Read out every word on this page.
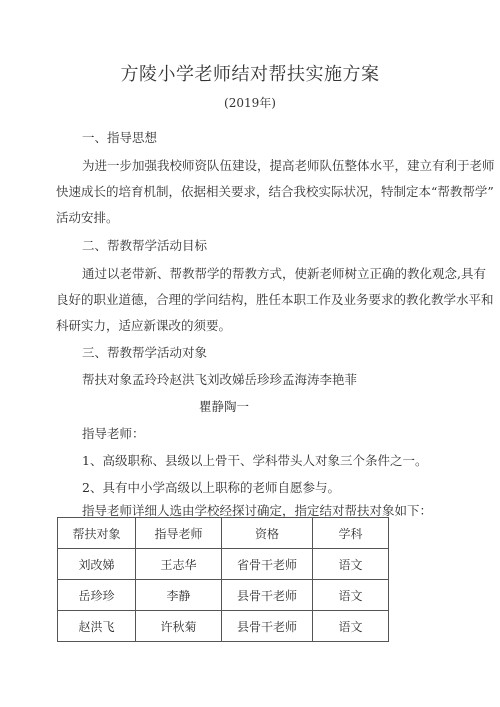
方陵小学老师结对帮扶实施方案
(2019年)
一、指导思想
为进一步加强我校师资队伍建设，提高老师队伍整体水平，建立有利于老师
快速成长的培育机制，依据相关要求，结合我校实际状况，特制定本“帮教帮学”
活动安排。
二、帮教帮学活动目标
通过以老带新、帮教帮学的帮教方式，使新老师树立正确的教化观念,具有
良好的职业道德，合理的学问结构，胜任本职工作及业务要求的教化教学水平和
科研实力，适应新课改的须要。
三、帮教帮学活动对象
帮扶对象孟玲玲赵洪飞刘改娣岳珍珍孟海涛李艳菲
瞿静陶一
指导老师：
1、高级职称、县级以上骨干、学科带头人对象三个条件之一。
2、具有中小学高级以上职称的老师自愿参与。
指导老师详细人选由学校经探讨确定，指定结对帮扶对象如下：
帮扶对象	指导老师	资格	学科
刘改娣	王志华	省骨干老师	语文
岳珍珍	李静	县骨干老师	语文
赵洪飞	许秋菊	县骨干老师	语文
